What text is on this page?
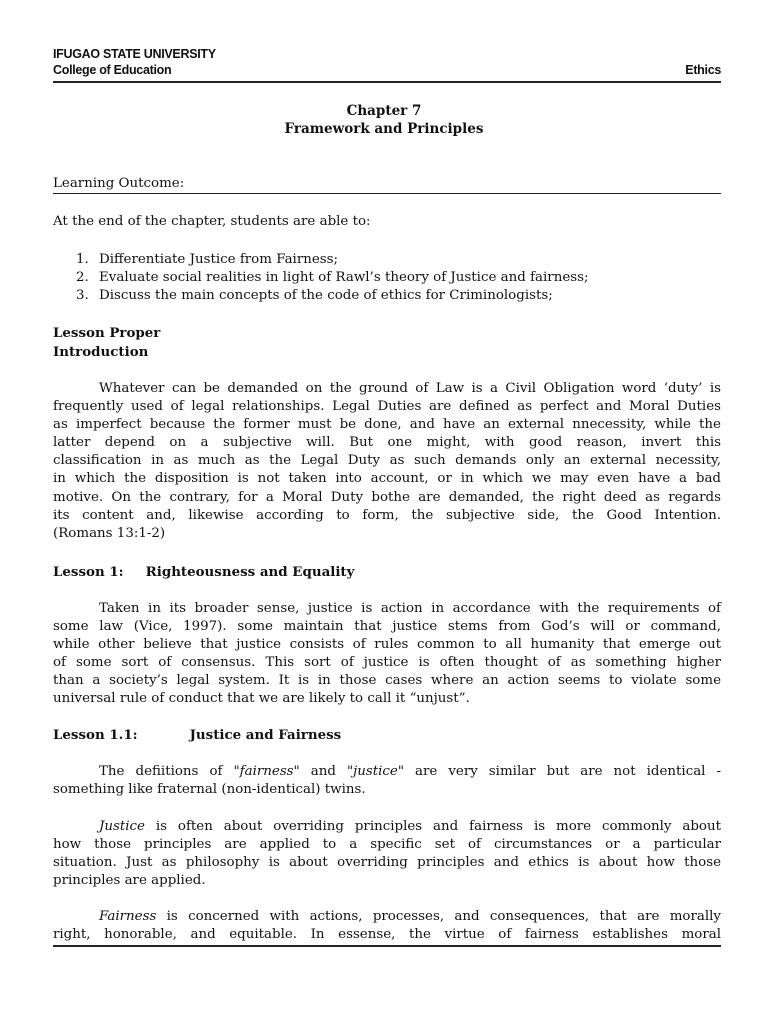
IFUGAO STATE UNIVERSITY
College of Education	Ethics
Chapter 7
Framework and Principles
Learning Outcome:
At the end of the chapter, students are able to:
1. Differentiate Justice from Fairness;
2. Evaluate social realities in light of Rawl’s theory of Justice and fairness;
3. Discuss the main concepts of the code of ethics for Criminologists;
Lesson Proper
Introduction
Whatever can be demanded on the ground of Law is a Civil Obligation word ‘duty’ is
frequently used of legal relationships. Legal Duties are defined as perfect and Moral Duties
as imperfect because the former must be done, and have an external nnecessity, while the
latter depend on a subjective will. But one might, with good reason, invert this
classification in as much as the Legal Duty as such demands only an external necessity,
in which the disposition is not taken into account, or in which we may even have a bad
motive. On the contrary, for a Moral Duty bothe are demanded, the right deed as regards
its content and, likewise according to form, the subjective side, the Good Intention.
(Romans 13:1-2)
Lesson 1: Righteousness and Equality
Taken in its broader sense, justice is action in accordance with the requirements of
some law (Vice, 1997). some maintain that justice stems from God’s will or command,
while other believe that justice consists of rules common to all humanity that emerge out
of some sort of consensus. This sort of justice is often thought of as something higher
than a society’s legal system. It is in those cases where an action seems to violate some
universal rule of conduct that we are likely to call it “unjust”.
Lesson 1.1:	Justice and Fairness
The defiitions of "fairness" and "justice" are very similar but are not identical -
something like fraternal (non-identical) twins.
Justice is often about overriding principles and fairness is more commonly about
how those principles are applied to a specific set of circumstances or a particular
situation. Just as philosophy is about overriding principles and ethics is about how those
principles are applied.
Fairness is concerned with actions, processes, and consequences, that are morally
right, honorable, and equitable. In essense, the virtue of fairness establishes moral
